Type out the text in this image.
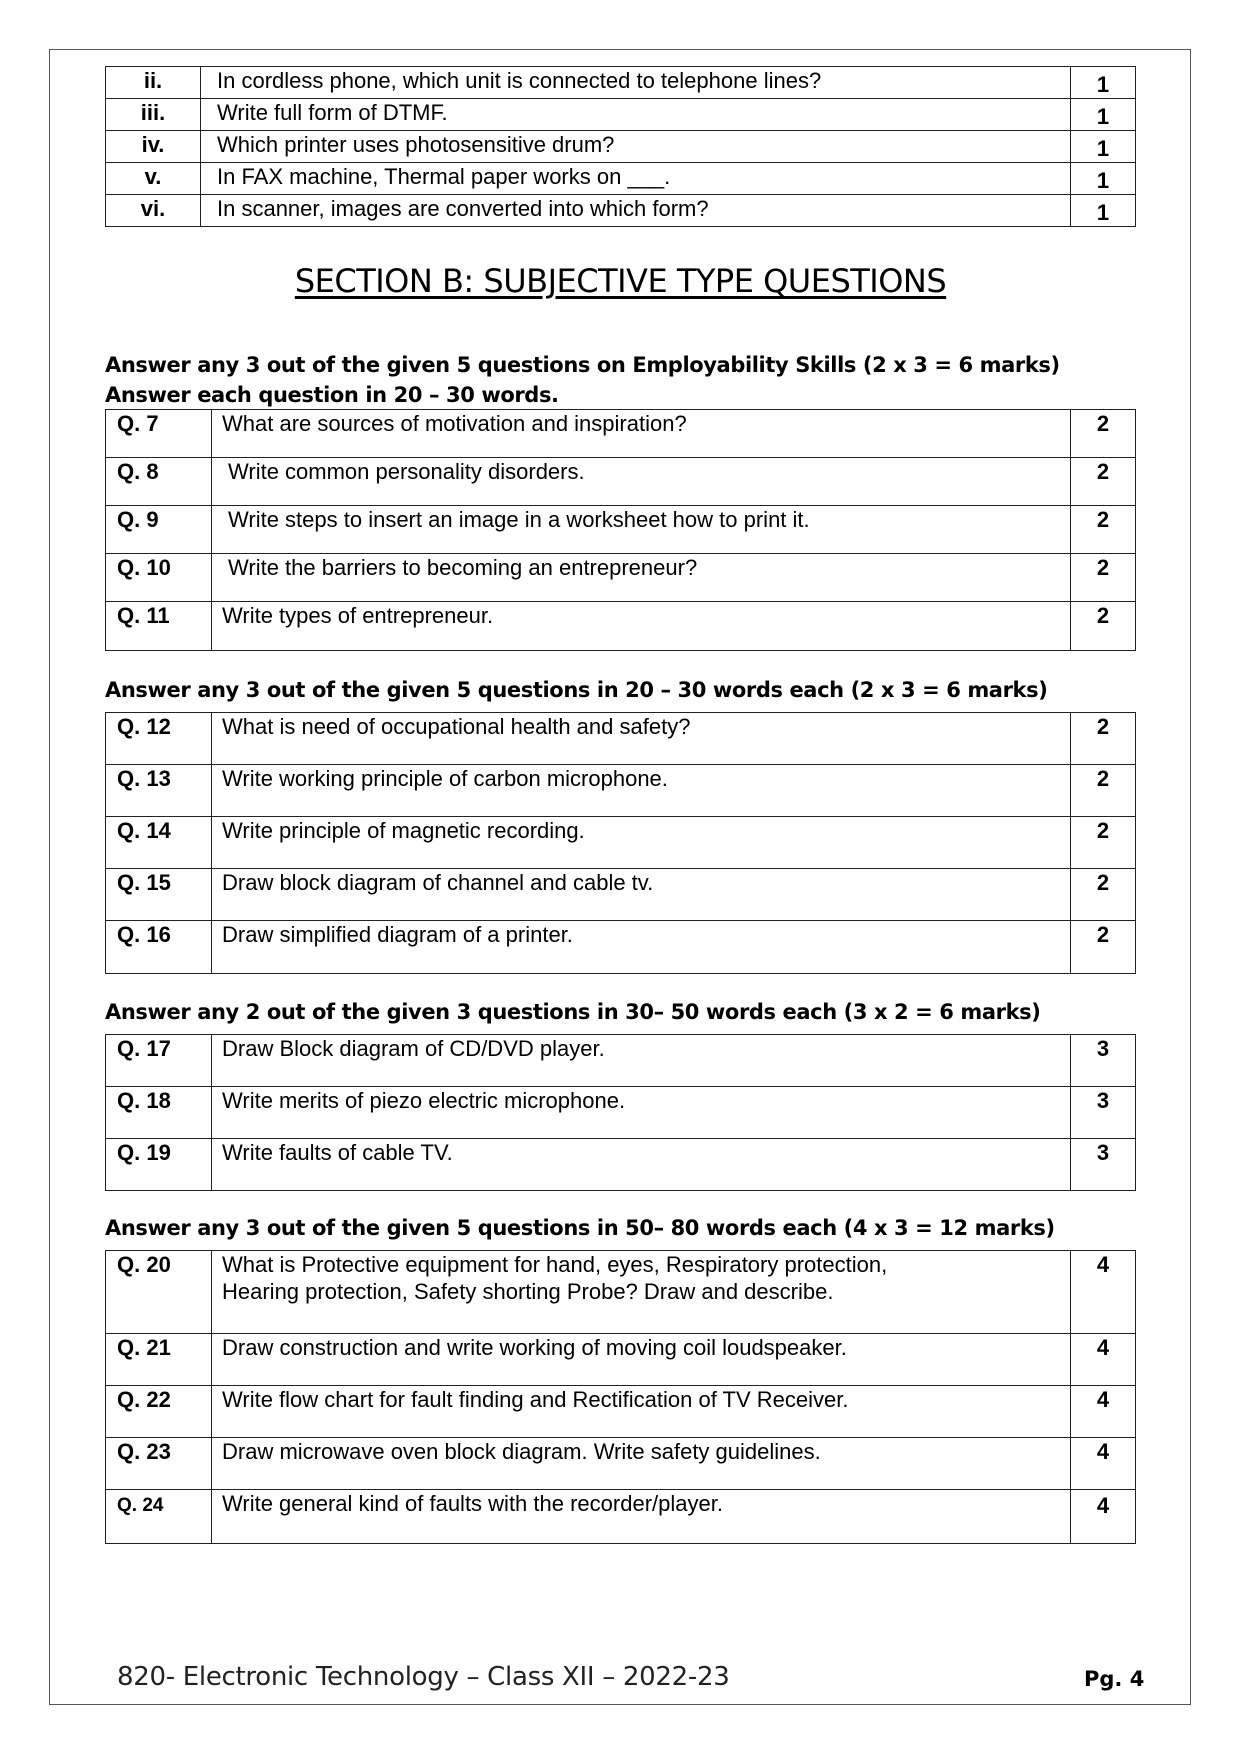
ii.	In cordless phone, which unit is connected to telephone lines?	1
iii.	Write full form of DTMF.	1
iv.	Which printer uses photosensitive drum?	1
v.	In FAX machine, Thermal paper works on ___.	1
vi.	In scanner, images are converted into which form?	1
SECTION B: SUBJECTIVE TYPE QUESTIONS
Answer any 3 out of the given 5 questions on Employability Skills (2 x 3 = 6 marks)
Answer each question in 20 – 30 words.
Q. 7	What are sources of motivation and inspiration?	2
Q. 8	Write common personality disorders.	2
Q. 9	Write steps to insert an image in a worksheet how to print it.	2
Q. 10	Write the barriers to becoming an entrepreneur?	2
Q. 11	Write types of entrepreneur.	2
Answer any 3 out of the given 5 questions in 20 – 30 words each (2 x 3 = 6 marks)
Q. 12	What is need of occupational health and safety?	2
Q. 13	Write working principle of carbon microphone.	2
Q. 14	Write principle of magnetic recording.	2
Q. 15	Draw block diagram of channel and cable tv.	2
Q. 16	Draw simplified diagram of a printer.	2
Answer any 2 out of the given 3 questions in 30– 50 words each (3 x 2 = 6 marks)
Q. 17	Draw Block diagram of CD/DVD player.	3
Q. 18	Write merits of piezo electric microphone.	3
Q. 19	Write faults of cable TV.	3
Answer any 3 out of the given 5 questions in 50– 80 words each (4 x 3 = 12 marks)
Q. 20	What is Protective equipment for hand, eyes, Respiratory protection, Hearing protection, Safety shorting Probe? Draw and describe.	4
Q. 21	Draw construction and write working of moving coil loudspeaker.	4
Q. 22	Write flow chart for fault finding and Rectification of TV Receiver.	4
Q. 23	Draw microwave oven block diagram. Write safety guidelines.	4
Q. 24	Write general kind of faults with the recorder/player.	4
820- Electronic Technology – Class XII – 2022-23	Pg. 4
